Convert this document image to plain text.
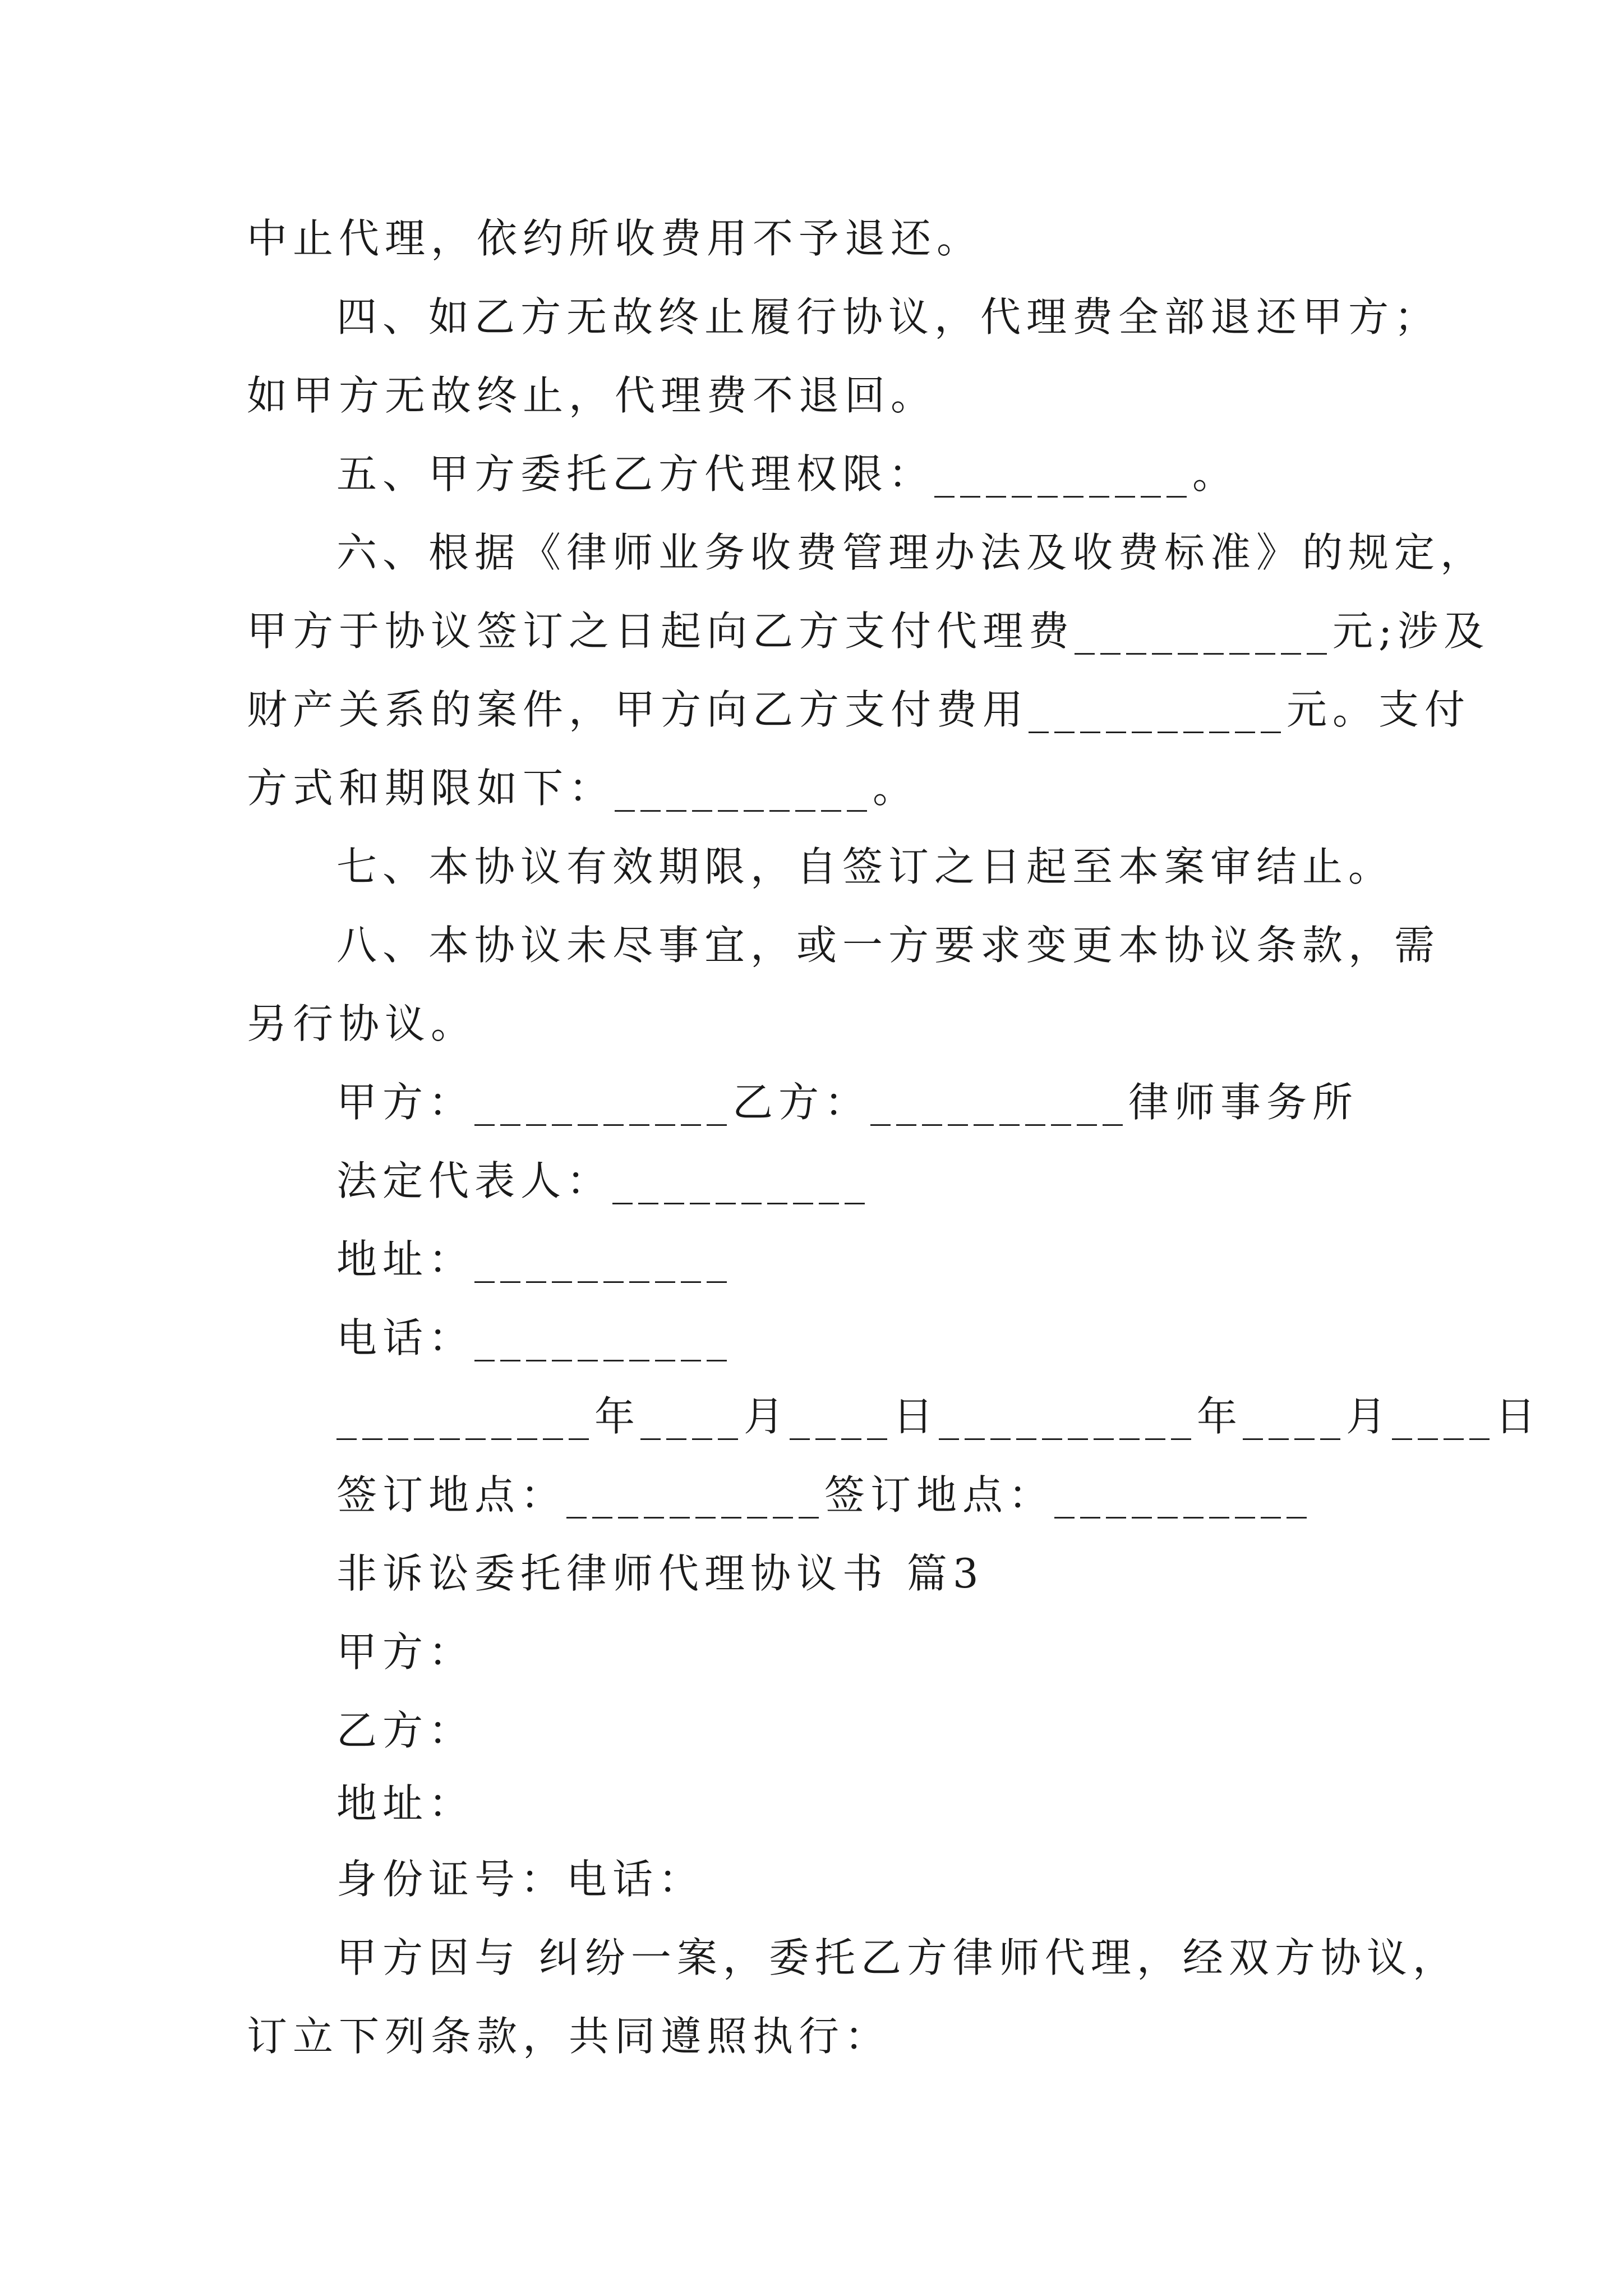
中止代理，依约所收费用不予退还。

四、如乙方无故终止履行协议，代理费全部退还甲方；

如甲方无故终止，代理费不退回。

五、甲方委托乙方代理权限：__________。

六、根据《律师业务收费管理办法及收费标准》的规定，

甲方于协议签订之日起向乙方支付代理费__________元;涉及

财产关系的案件，甲方向乙方支付费用__________元。支付

方式和期限如下：__________。

七、本协议有效期限，自签订之日起至本案审结止。

八、本协议未尽事宜，或一方要求变更本协议条款，需

另行协议。

甲方：__________乙方：__________律师事务所

法定代表人：__________

地址：__________

电话：__________

__________年____月____日__________年____月____日

签订地点：__________签订地点：__________

非诉讼委托律师代理协议书 篇3

甲方：

乙方：

地址：

身份证号：电话：

甲方因与 纠纷一案，委托乙方律师代理，经双方协议，

订立下列条款，共同遵照执行：
